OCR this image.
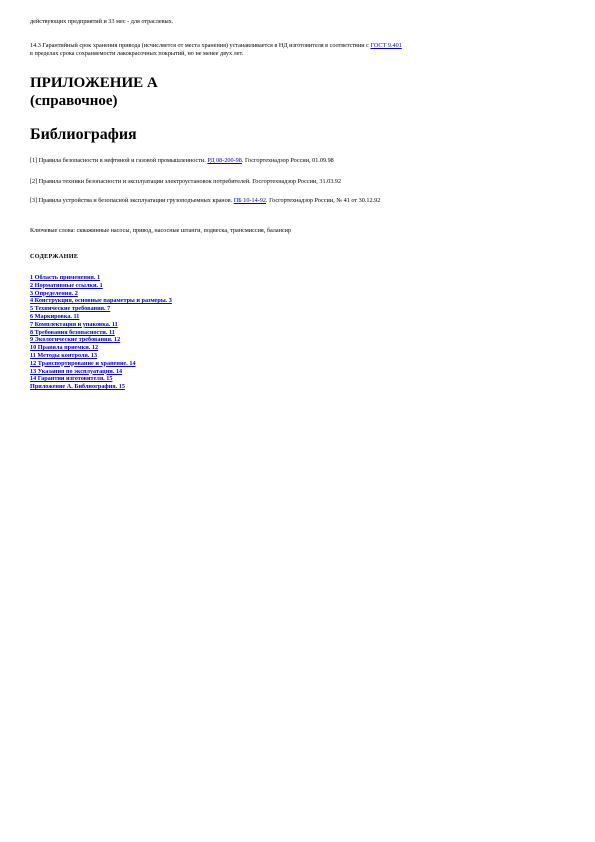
действующих предприятий и 33 мес - для отраслевых.

14.3 Гарантийный срок хранения привода (исчисляется от места хранения) устанавливается в НД изготовителя в соответствии с ГОСТ 9.401
в пределах срока сохраняемости лакокрасочных покрытий, но не менее двух лет.

ПРИЛОЖЕНИЕ А
(справочное)
Библиография

[1] Правила безопасности в нефтяной и газовой промышленности. РД 08-200-98. Госгортехнадзор России, 01.09.98

[2] Правила техники безопасности и эксплуатации электроустановок потребителей. Госгортехнадзор России, 31.03.92

[3] Правила устройства и безопасной эксплуатации грузоподъемных кранов. ПБ 10-14-92. Госгортехнадзор России, № 41 от 30.12.92

Ключевые слова: скважинные насосы, привод, насосные штанги, подвеска, трансмиссия, балансир

СОДЕРЖАНИЕ
1 Область применения. 1
2 Нормативные ссылки. 1
3 Определения. 2
4 Конструкция, основные параметры и размеры. 3
5 Технические требования. 7
6 Маркировка. 11
7 Комплектация и упаковка. 11
8 Требования безопасности. 11
9 Экологические требования. 12
10 Правила приемки. 12
11 Методы контроля. 13
12 Транспортирование и хранение. 14
13 Указания по эксплуатации. 14
14 Гарантии изготовителя. 15
Приложение А. Библиография. 15
